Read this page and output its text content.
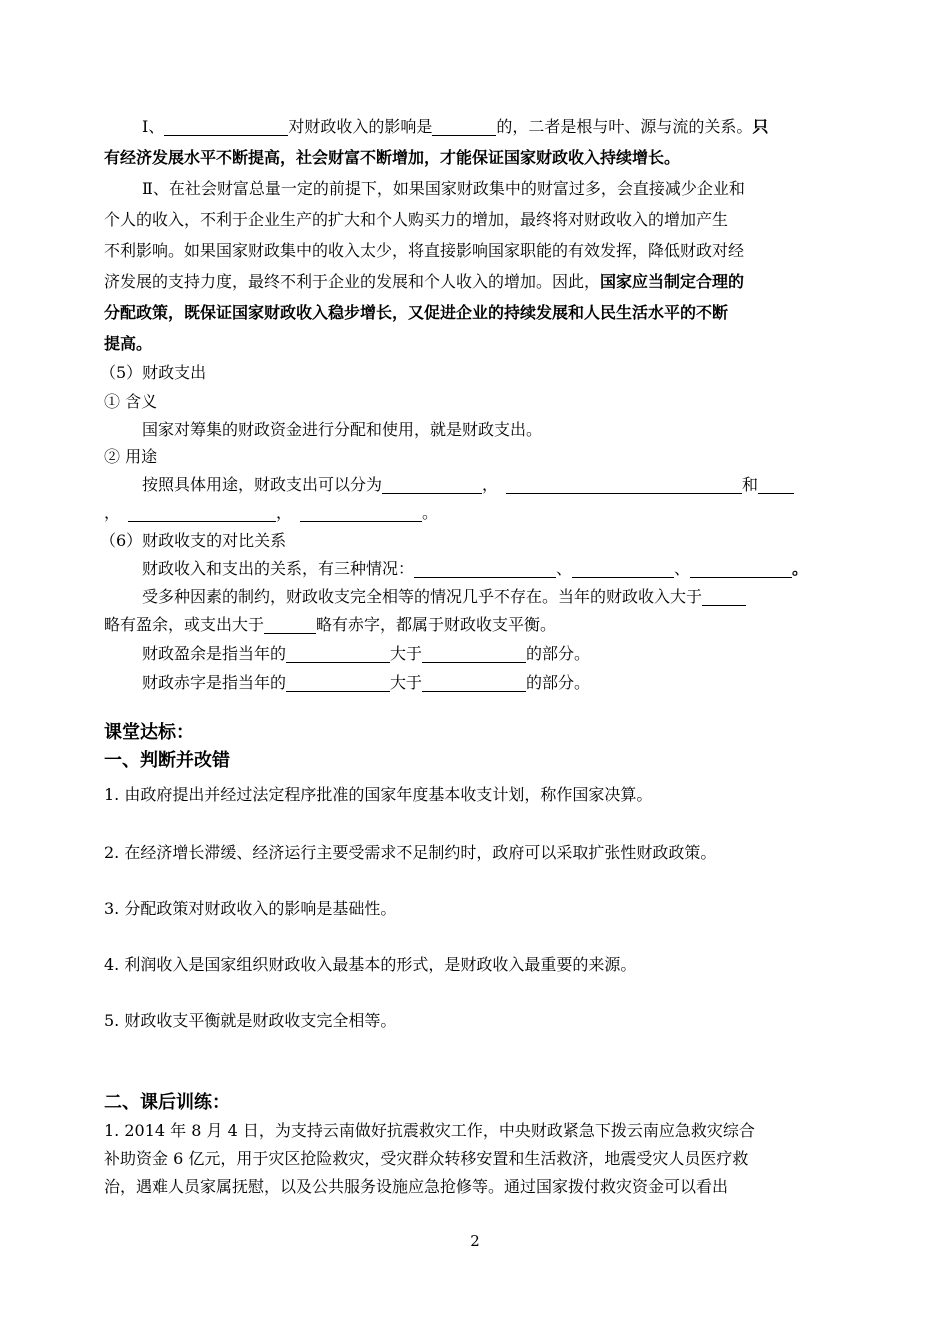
Ⅰ、	对财政收入的影响是	的，二者是根与叶、源与流的关系。只
有经济发展水平不断提高，社会财富不断增加，才能保证国家财政收入持续增长。
Ⅱ、在社会财富总量一定的前提下，如果国家财政集中的财富过多，会直接减少企业和
个人的收入，不利于企业生产的扩大和个人购买力的增加，最终将对财政收入的增加产生
不利影响。如果国家财政集中的收入太少，将直接影响国家职能的有效发挥，降低财政对经
济发展的支持力度，最终不利于企业的发展和个人收入的增加。因此，国家应当制定合理的
分配政策，既保证国家财政收入稳步增长，又促进企业的持续发展和人民生活水平的不断
提高。
（5）财政支出
① 含义
国家对筹集的财政资金进行分配和使用，就是财政支出。
② 用途
按照具体用途，财政支出可以分为	，	和
，	，	。
（6）财政收支的对比关系
财政收入和支出的关系，有三种情况：	、	、	。
受多种因素的制约，财政收支完全相等的情况几乎不存在。当年的财政收入大于
略有盈余，或支出大于	略有赤字，都属于财政收支平衡。
财政盈余是指当年的	大于	的部分。
财政赤字是指当年的	大于	的部分。
课堂达标：
一、判断并改错
1. 由政府提出并经过法定程序批准的国家年度基本收支计划，称作国家决算。
2. 在经济增长滞缓、经济运行主要受需求不足制约时，政府可以采取扩张性财政政策。
3. 分配政策对财政收入的影响是基础性。
4. 利润收入是国家组织财政收入最基本的形式，是财政收入最重要的来源。
5. 财政收支平衡就是财政收支完全相等。
二、课后训练：
1. 2014 年 8 月 4 日，为支持云南做好抗震救灾工作，中央财政紧急下拨云南应急救灾综合
补助资金 6 亿元，用于灾区抢险救灾，受灾群众转移安置和生活救济，地震受灾人员医疗救
治，遇难人员家属抚慰，以及公共服务设施应急抢修等。通过国家拨付救灾资金可以看出
2
